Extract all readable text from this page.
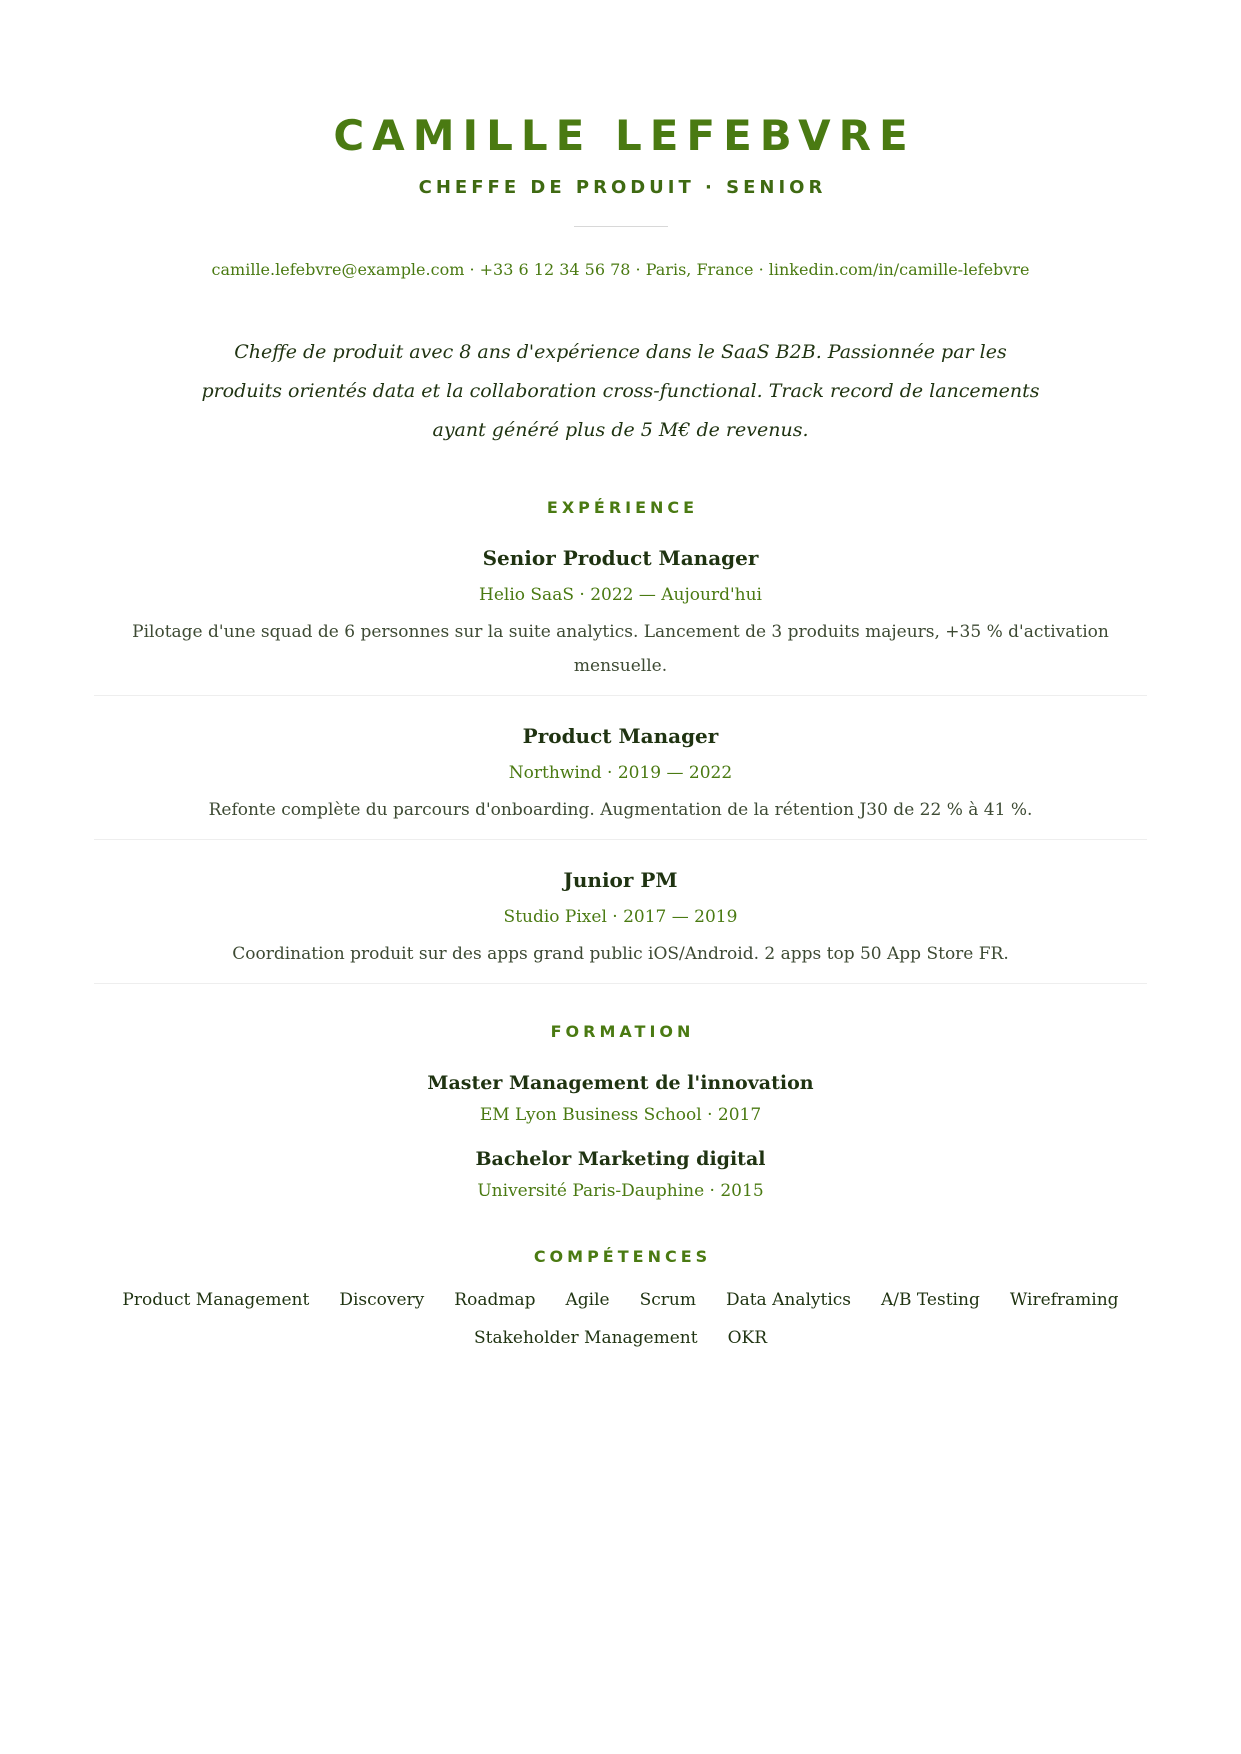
CAMILLE LEFEBVRE
CHEFFE DE PRODUIT · SENIOR
camille.lefebvre@example.com · +33 6 12 34 56 78 · Paris, France · linkedin.com/in/camille-lefebvre

Cheffe de produit avec 8 ans d'expérience dans le SaaS B2B. Passionnée par les produits orientés data et la collaboration cross-functional. Track record de lancements ayant généré plus de 5 M€ de revenus.

EXPÉRIENCE
Senior Product Manager
Helio SaaS · 2022 — Aujourd'hui
Pilotage d'une squad de 6 personnes sur la suite analytics. Lancement de 3 produits majeurs, +35 % d'activation mensuelle.
Product Manager
Northwind · 2019 — 2022
Refonte complète du parcours d'onboarding. Augmentation de la rétention J30 de 22 % à 41 %.
Junior PM
Studio Pixel · 2017 — 2019
Coordination produit sur des apps grand public iOS/Android. 2 apps top 50 App Store FR.
FORMATION
Master Management de l'innovation
EM Lyon Business School · 2017
Bachelor Marketing digital
Université Paris-Dauphine · 2015
COMPÉTENCES
Product Management Discovery Roadmap Agile Scrum Data Analytics A/B Testing Wireframing
Stakeholder Management OKR
